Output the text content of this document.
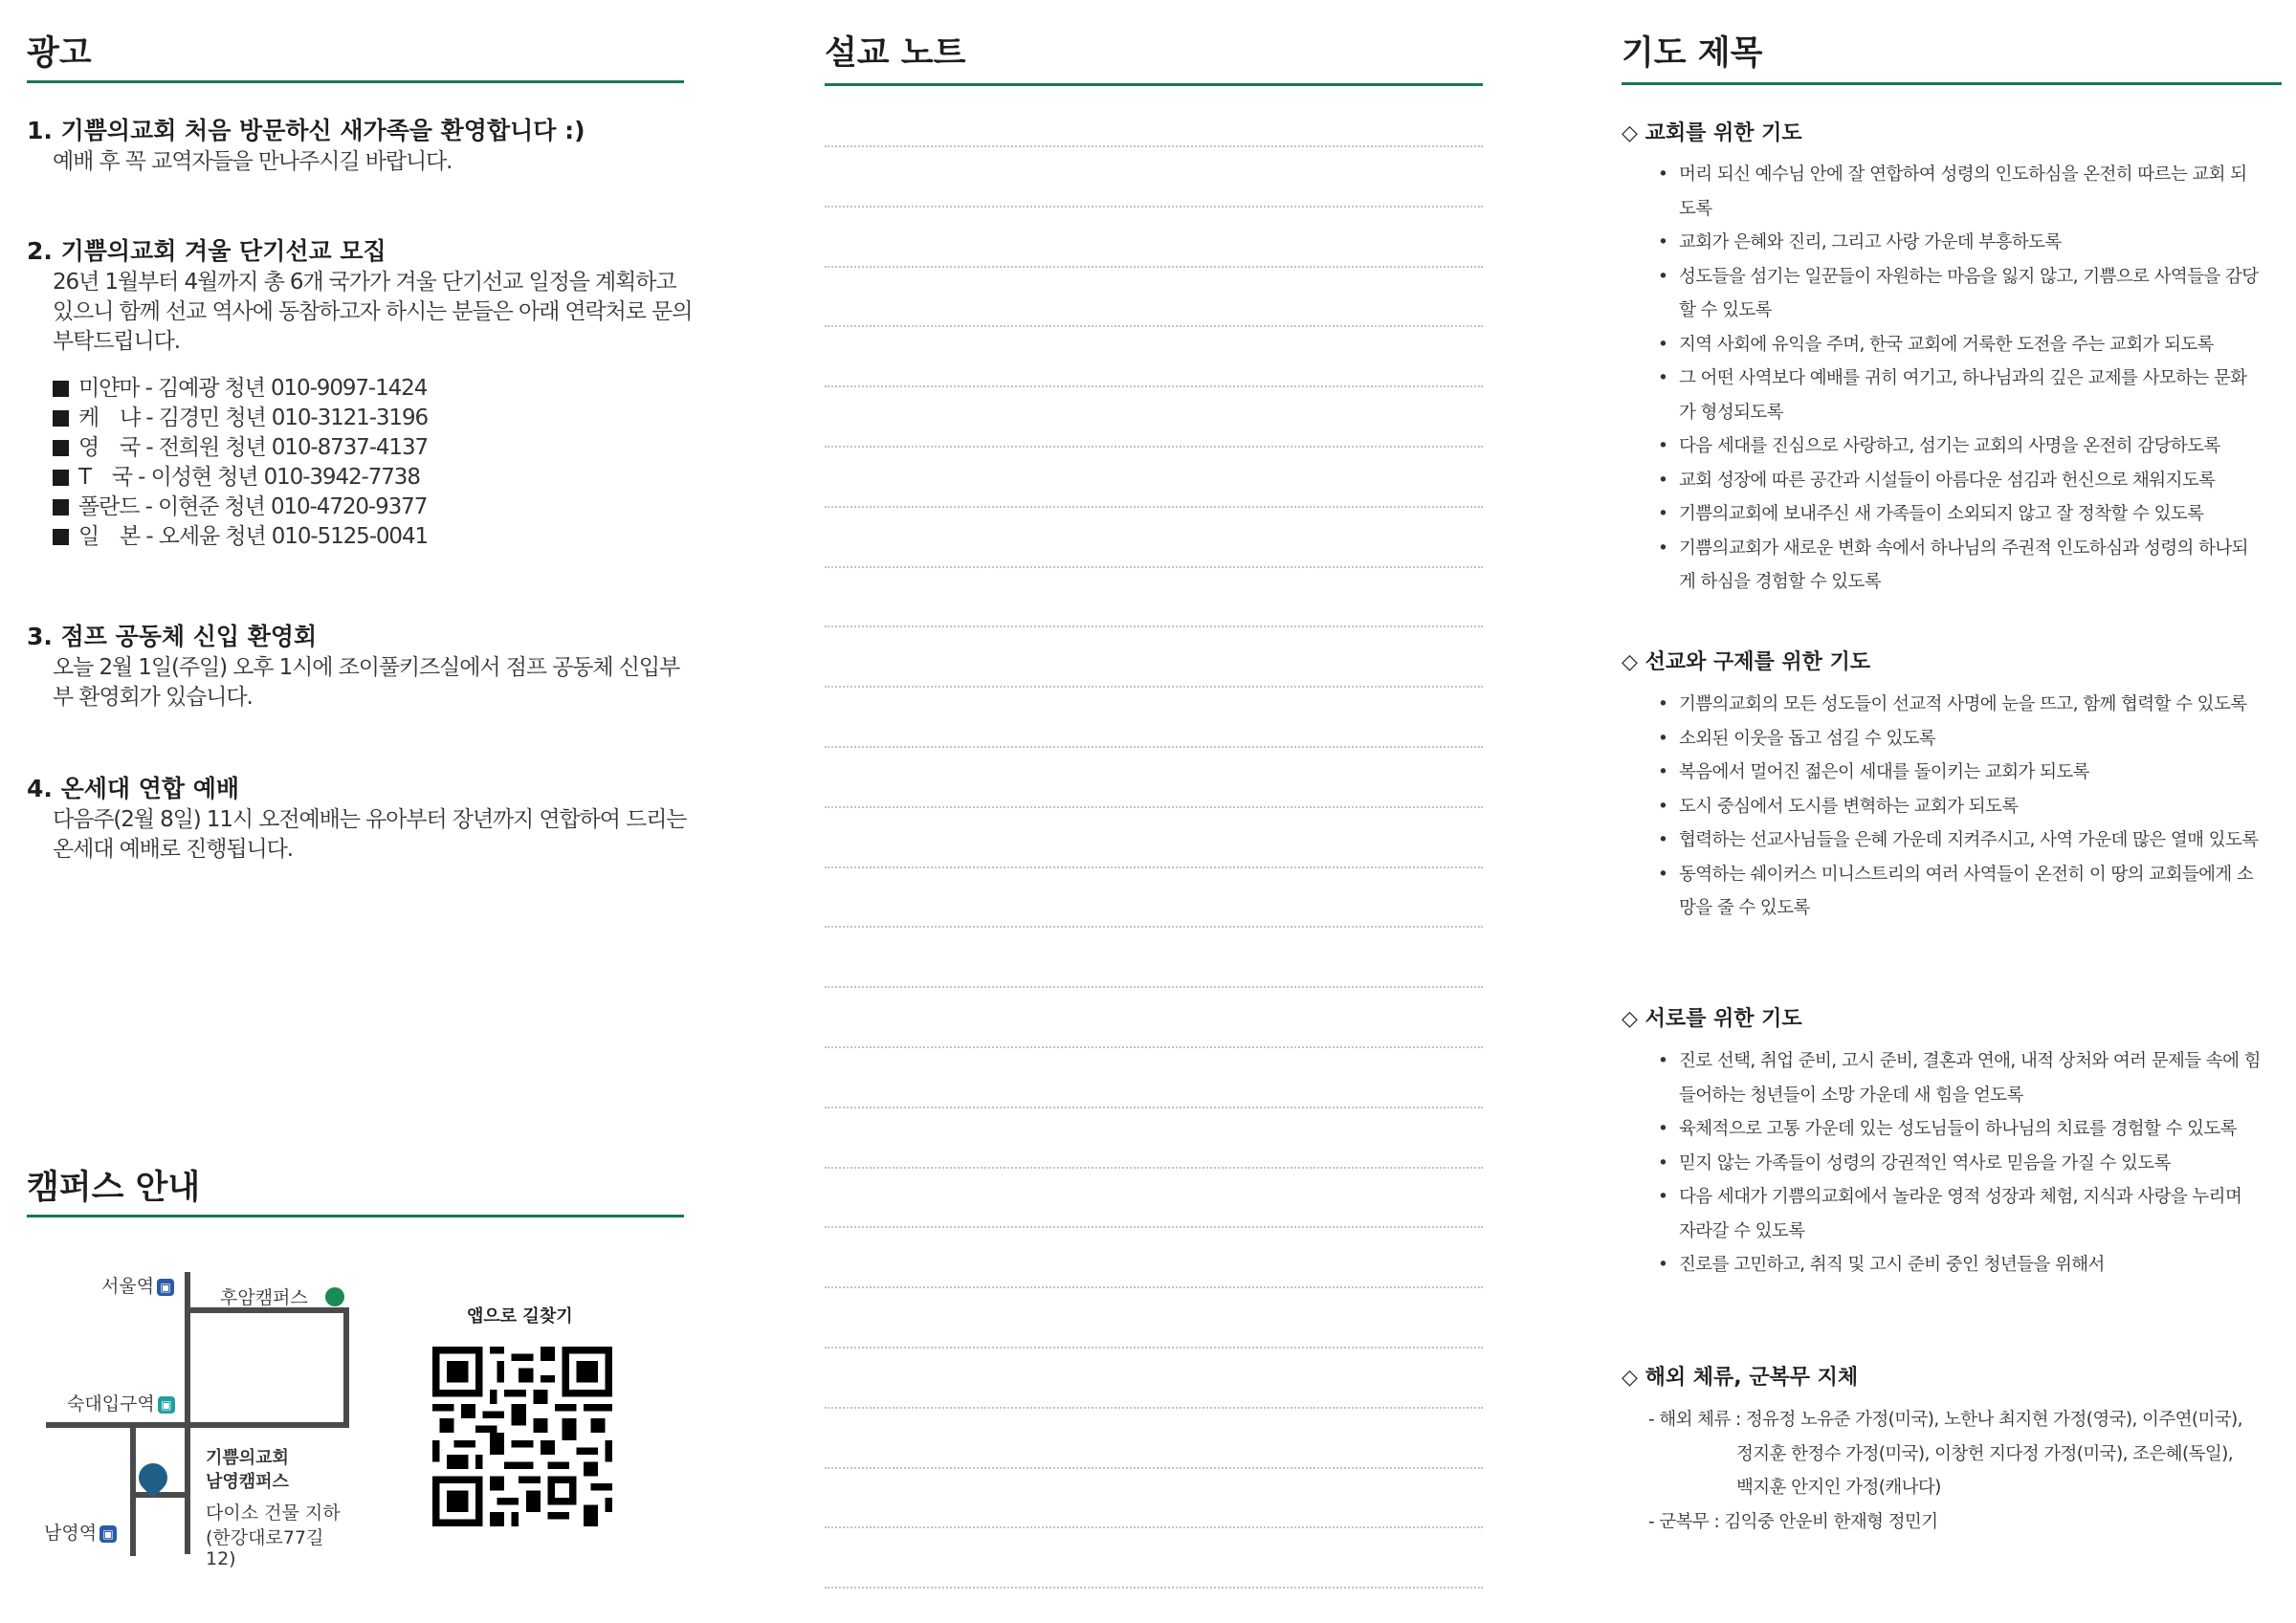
광고
1. 기쁨의교회 처음 방문하신 새가족을 환영합니다 :)
예배 후 꼭 교역자들을 만나주시길 바랍니다.
2. 기쁨의교회 겨울 단기선교 모집
26년 1월부터 4월까지 총 6개 국가가 겨울 단기선교 일정을 계획하고 있으니 함께 선교 역사에 동참하고자 하시는 분들은 아래 연락처로 문의 부탁드립니다.
미얀마 - 김예광 청년 010-9097-1424
케　냐 - 김경민 청년 010-3121-3196
영　국 - 전희원 청년 010-8737-4137
T　국 - 이성현 청년 010-3942-7738
폴란드 - 이현준 청년 010-4720-9377
일　본 - 오세윤 청년 010-5125-0041
3. 점프 공동체 신입 환영회
오늘 2월 1일(주일) 오후 1시에 조이풀키즈실에서 점프 공동체 신입부부 환영회가 있습니다.
4. 온세대 연합 예배
다음주(2월 8일) 11시 오전예배는 유아부터 장년까지 연합하여 드리는 온세대 예배로 진행됩니다.
캠퍼스 안내
서울역 ▣
후암캠퍼스
숙대입구역 ▣
기쁨의교회
남영캠퍼스
다이소 건물 지하
(한강대로77길
12)
남영역 ▣
앱으로 길찾기
설교 노트	기도 제목
◇ 교회를 위한 기도
• 머리 되신 예수님 안에 잘 연합하여 성령의 인도하심을 온전히 따르는 교회 되도록
• 교회가 은혜와 진리, 그리고 사랑 가운데 부흥하도록
• 성도들을 섬기는 일꾼들이 자원하는 마음을 잃지 않고, 기쁨으로 사역들을 감당할 수 있도록
• 지역 사회에 유익을 주며, 한국 교회에 거룩한 도전을 주는 교회가 되도록
• 그 어떤 사역보다 예배를 귀히 여기고, 하나님과의 깊은 교제를 사모하는 문화가 형성되도록
• 다음 세대를 진심으로 사랑하고, 섬기는 교회의 사명을 온전히 감당하도록
• 교회 성장에 따른 공간과 시설들이 아름다운 섬김과 헌신으로 채워지도록
• 기쁨의교회에 보내주신 새 가족들이 소외되지 않고 잘 정착할 수 있도록
• 기쁨의교회가 새로운 변화 속에서 하나님의 주권적 인도하심과 성령의 하나되게 하심을 경험할 수 있도록
◇ 선교와 구제를 위한 기도
• 기쁨의교회의 모든 성도들이 선교적 사명에 눈을 뜨고, 함께 협력할 수 있도록
• 소외된 이웃을 돕고 섬길 수 있도록
• 복음에서 멀어진 젊은이 세대를 돌이키는 교회가 되도록
• 도시 중심에서 도시를 변혁하는 교회가 되도록
• 협력하는 선교사님들을 은혜 가운데 지켜주시고, 사역 가운데 많은 열매 있도록
• 동역하는 쉐이커스 미니스트리의 여러 사역들이 온전히 이 땅의 교회들에게 소망을 줄 수 있도록
◇ 서로를 위한 기도
• 진로 선택, 취업 준비, 고시 준비, 결혼과 연애, 내적 상처와 여러 문제들 속에 힘들어하는 청년들이 소망 가운데 새 힘을 얻도록
• 육체적으로 고통 가운데 있는 성도님들이 하나님의 치료를 경험할 수 있도록
• 믿지 않는 가족들이 성령의 강권적인 역사로 믿음을 가질 수 있도록
• 다음 세대가 기쁨의교회에서 놀라운 영적 성장과 체험, 지식과 사랑을 누리며 자라갈 수 있도록
• 진로를 고민하고, 취직 및 고시 준비 중인 청년들을 위해서
◇ 해외 체류, 군복무 지체
- 해외 체류 : 정유정 노유준 가정(미국), 노한나 최지현 가정(영국), 이주연(미국),
정지훈 한정수 가정(미국), 이창헌 지다정 가정(미국), 조은혜(독일),
백지훈 안지인 가정(캐나다)
- 군복무 : 김익중 안운비 한재형 정민기
